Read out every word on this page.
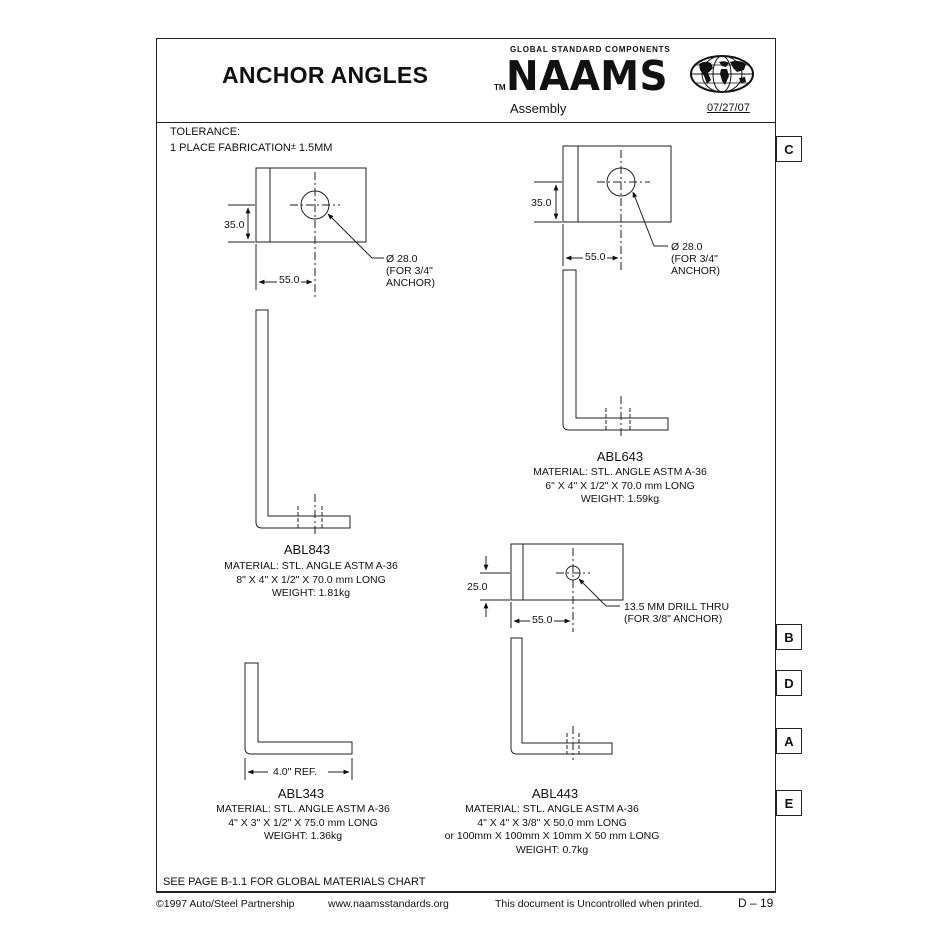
ANCHOR ANGLES
GLOBAL STANDARD COMPONENTS
TM NAAMS
Assembly	07/27/07
TOLERANCE:
1 PLACE FABRICATION± 1.5MM	C
B
D
A
E
35.0
55.0
Ø 28.0
(FOR 3/4"
ANCHOR)
ABL843
MATERIAL: STL. ANGLE ASTM A-36
8" X 4" X 1/2" X 70.0 mm LONG
WEIGHT: 1.81kg
35.0
55.0
Ø 28.0
(FOR 3/4"
ANCHOR)
ABL643
MATERIAL: STL. ANGLE ASTM A-36
6" X 4" X 1/2" X 70.0 mm LONG
WEIGHT: 1.59kg
25.0
55.0
13.5 MM DRILL THRU
(FOR 3/8" ANCHOR)
ABL443
MATERIAL: STL. ANGLE ASTM A-36
4" X 4" X 3/8" X 50.0 mm LONG
or 100mm X 100mm X 10mm X 50 mm LONG
WEIGHT: 0.7kg
4.0" REF.
ABL343
MATERIAL: STL. ANGLE ASTM A-36
4" X 3" X 1/2" X 75.0 mm LONG
WEIGHT: 1.36kg
SEE PAGE B-1.1 FOR GLOBAL MATERIALS CHART
©1997 Auto/Steel Partnership	www.naamsstandards.org	This document is Uncontrolled when printed.	D – 19
